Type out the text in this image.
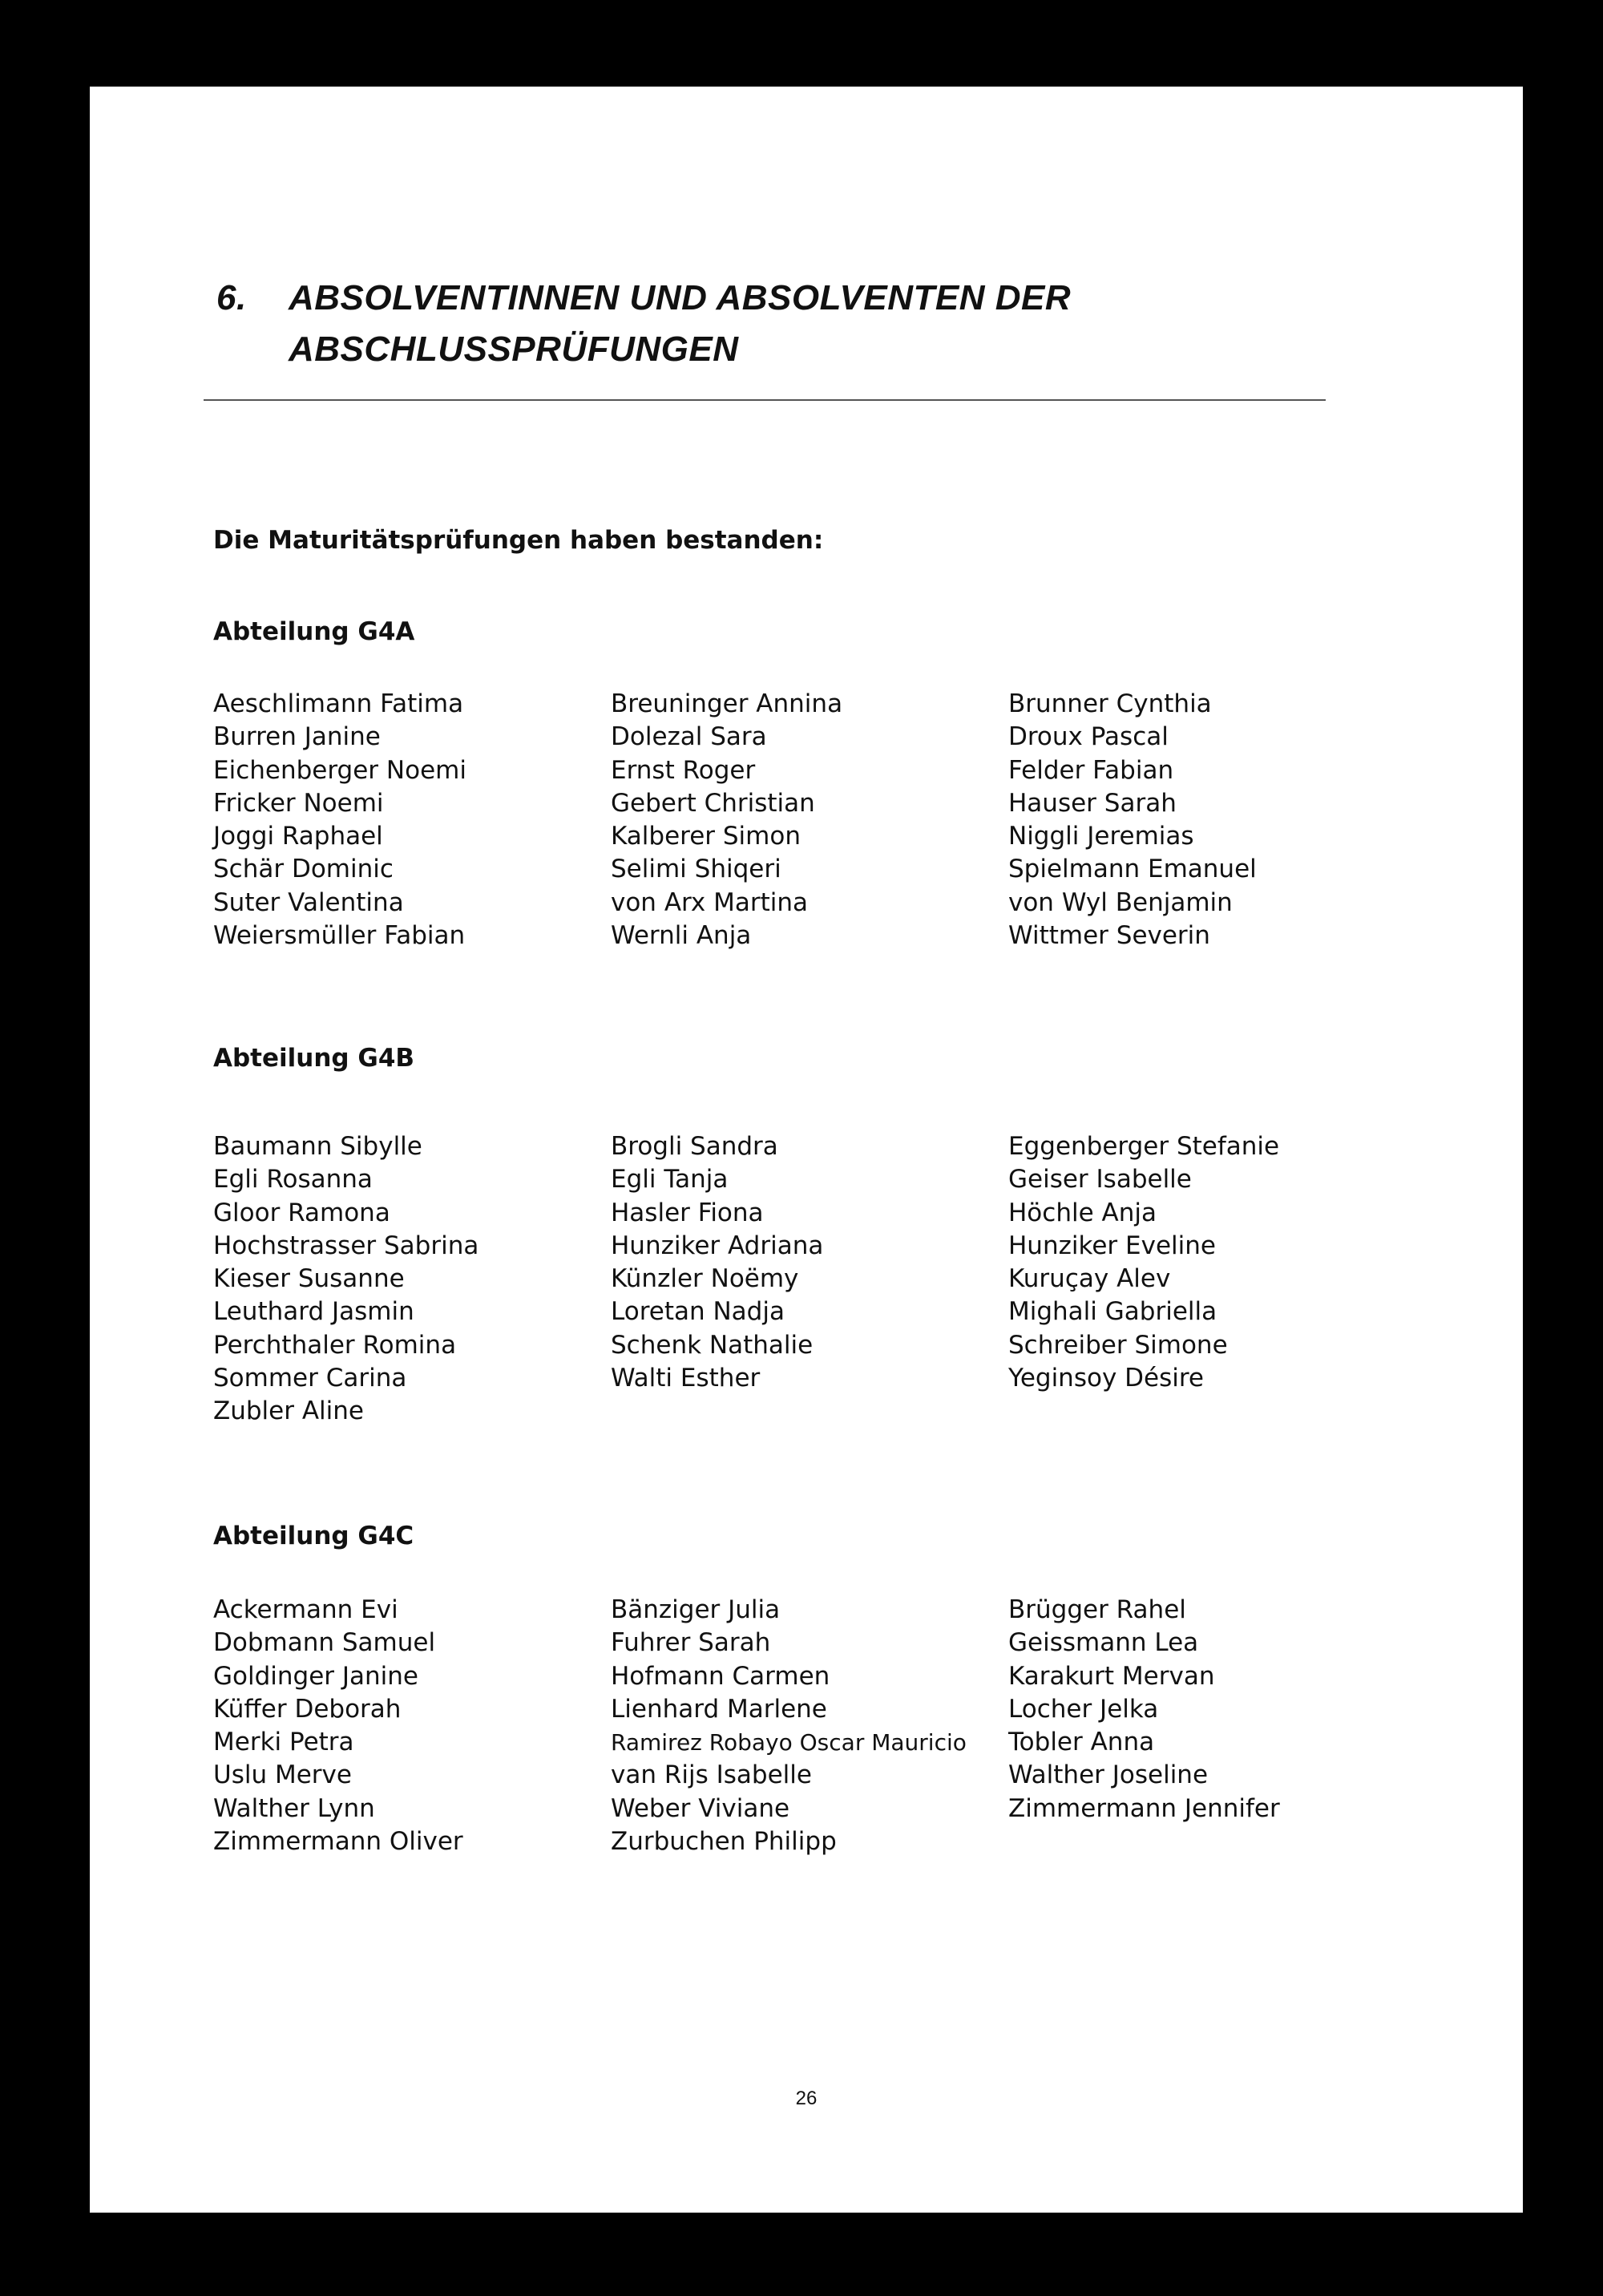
6. ABSOLVENTINNEN UND ABSOLVENTEN DER
ABSCHLUSSPRÜFUNGEN
Die Maturitätsprüfungen haben bestanden:
Abteilung G4A
Aeschlimann Fatima
Burren Janine
Eichenberger Noemi
Fricker Noemi
Joggi Raphael
Schär Dominic
Suter Valentina
Weiersmüller Fabian
Breuninger Annina
Dolezal Sara
Ernst Roger
Gebert Christian
Kalberer Simon
Selimi Shiqeri
von Arx Martina
Wernli Anja
Brunner Cynthia
Droux Pascal
Felder Fabian
Hauser Sarah
Niggli Jeremias
Spielmann Emanuel
von Wyl Benjamin
Wittmer Severin
Abteilung G4B
Baumann Sibylle
Egli Rosanna
Gloor Ramona
Hochstrasser Sabrina
Kieser Susanne
Leuthard Jasmin
Perchthaler Romina
Sommer Carina
Zubler Aline
Brogli Sandra
Egli Tanja
Hasler Fiona
Hunziker Adriana
Künzler Noëmy
Loretan Nadja
Schenk Nathalie
Walti Esther
Eggenberger Stefanie
Geiser Isabelle
Höchle Anja
Hunziker Eveline
Kuruçay Alev
Mighali Gabriella
Schreiber Simone
Yeginsoy Désire
Abteilung G4C
Ackermann Evi
Dobmann Samuel
Goldinger Janine
Küffer Deborah
Merki Petra
Uslu Merve
Walther Lynn
Zimmermann Oliver
Bänziger Julia
Fuhrer Sarah
Hofmann Carmen
Lienhard Marlene
Ramirez Robayo Oscar Mauricio
van Rijs Isabelle
Weber Viviane
Zurbuchen Philipp
Brügger Rahel
Geissmann Lea
Karakurt Mervan
Locher Jelka
Tobler Anna
Walther Joseline
Zimmermann Jennifer
26
